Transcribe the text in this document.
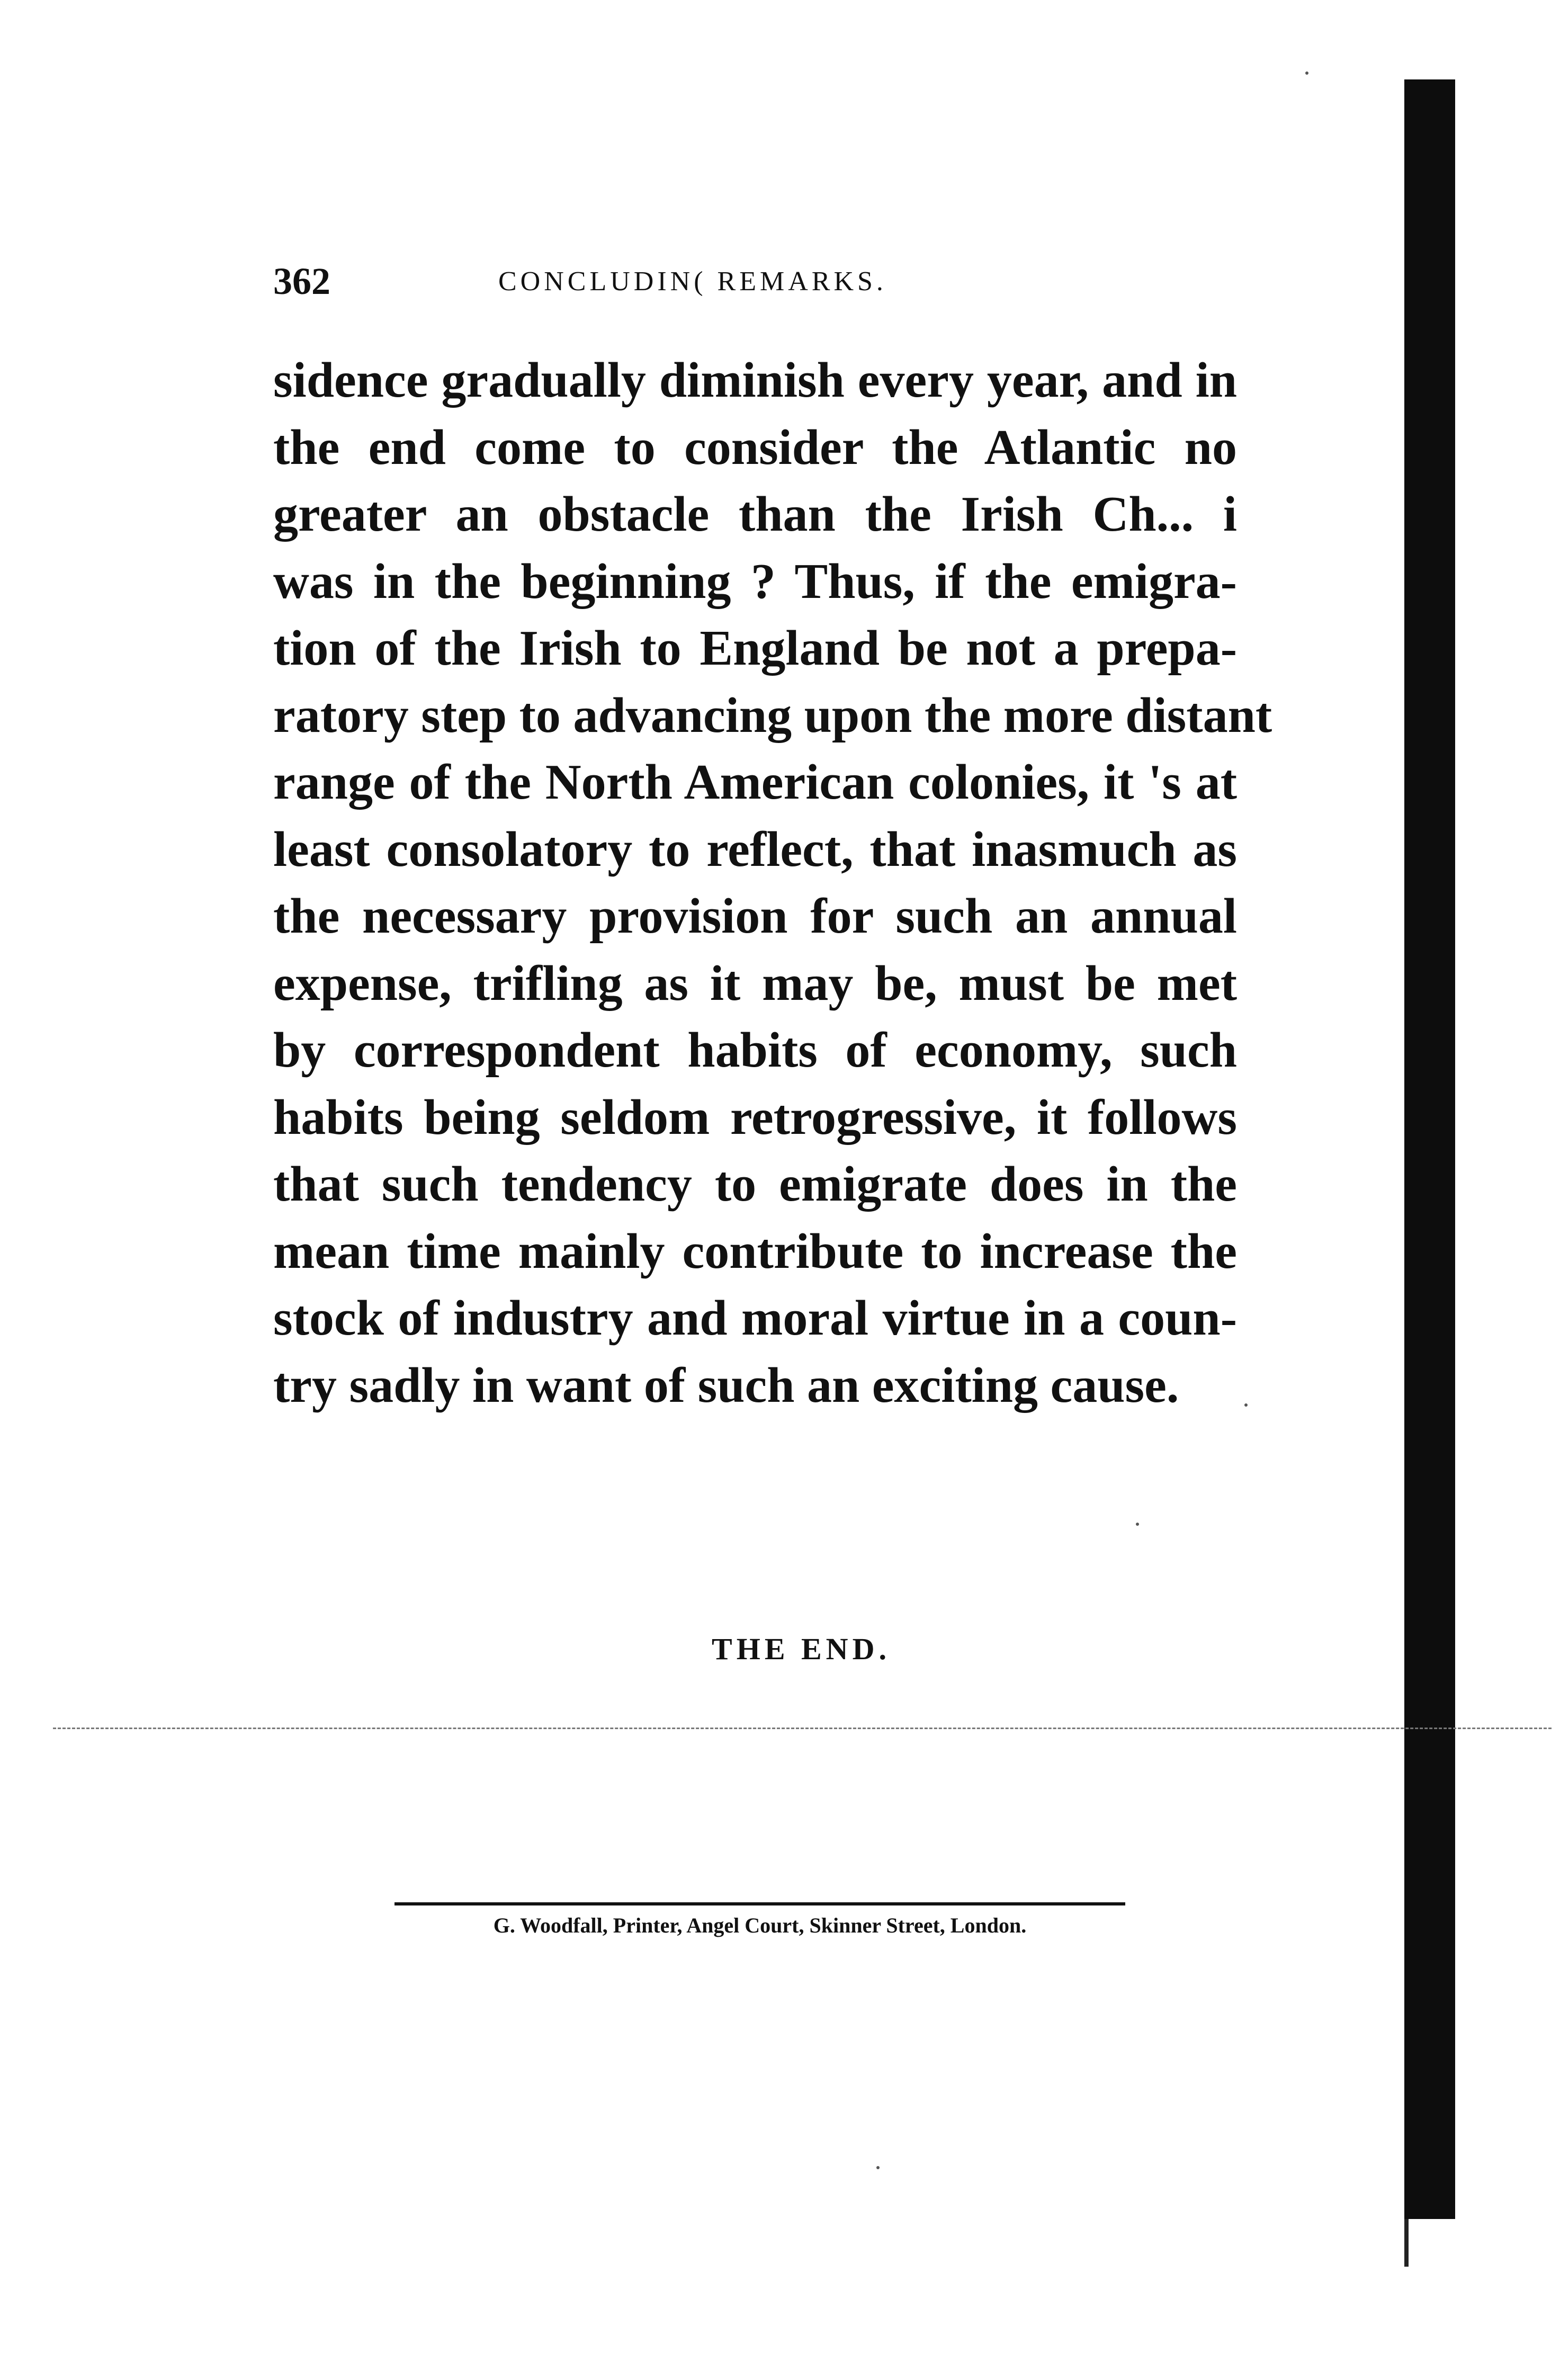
362	CONCLUDIN( REMARKS.
sidence gradually diminish every year, and in
the end come to consider the Atlantic no
greater an obstacle than the Irish Ch... i
was in the beginning ? Thus, if the emigra-
tion of the Irish to England be not a prepa-
ratory step to advancing upon the more distant
range of the North American colonies, it 's at
least consolatory to reflect, that inasmuch as
the necessary provision for such an annual
expense, trifling as it may be, must be met
by correspondent habits of economy, such
habits being seldom retrogressive, it follows
that such tendency to emigrate does in the
mean time mainly contribute to increase the
stock of industry and moral virtue in a coun-
try sadly in want of such an exciting cause.
THE END.
G. Woodfall, Printer, Angel Court, Skinner Street, London.
